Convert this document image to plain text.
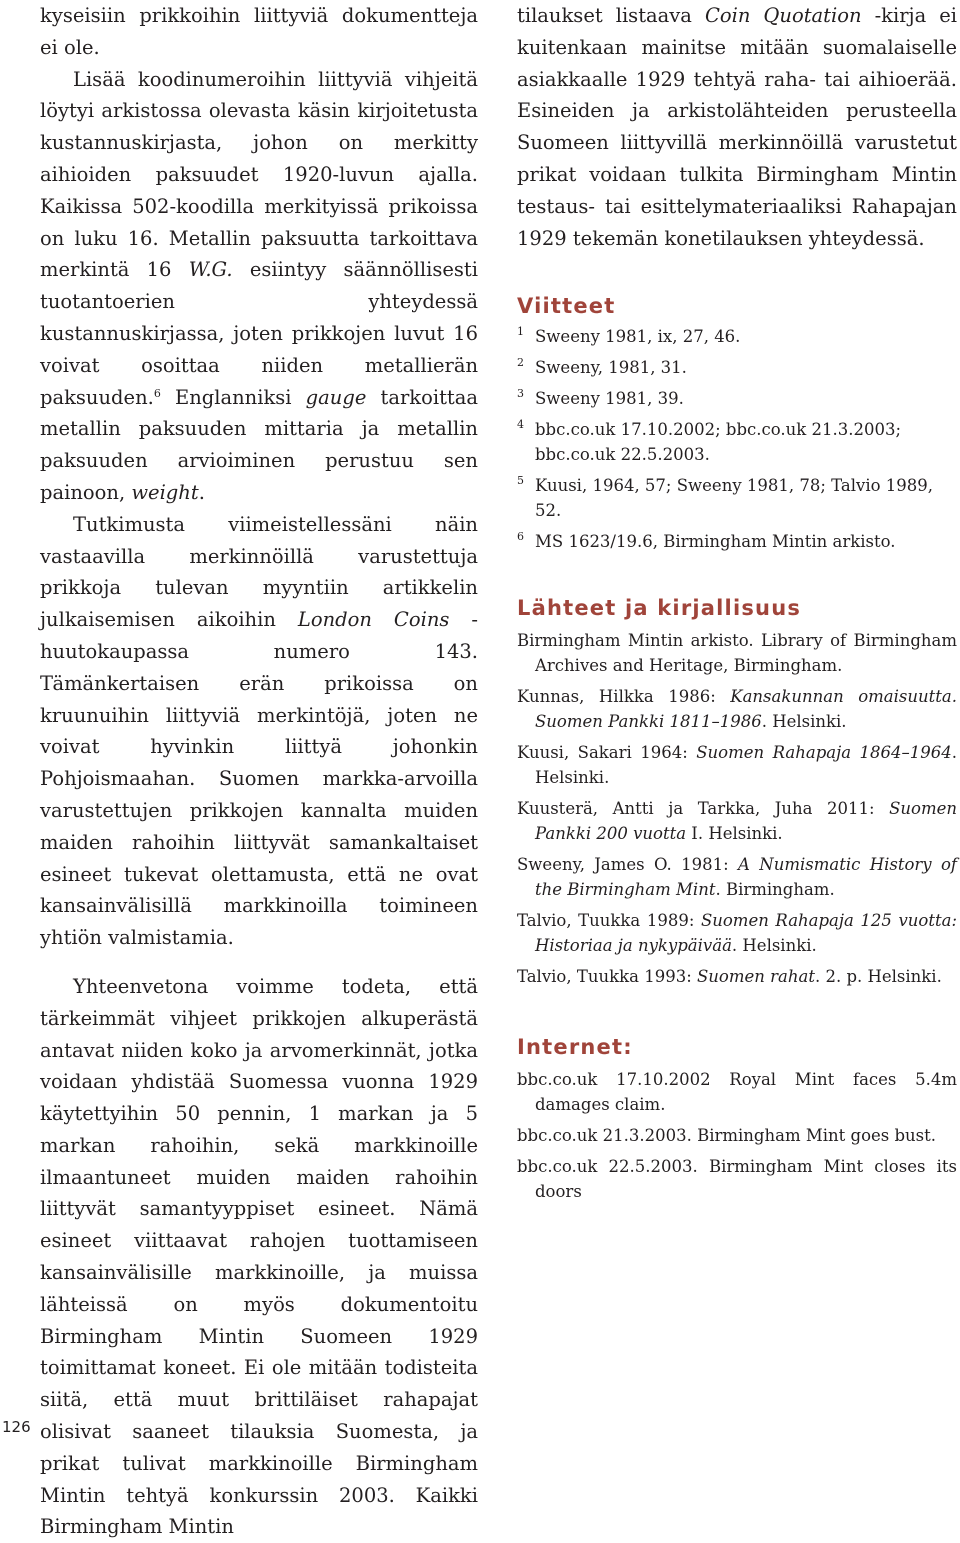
kyseisiin prikkoihin liittyviä dokumentteja ei ole.

Lisää koodinumeroihin liittyviä vihjeitä löytyi arkistossa olevasta käsin kirjoitetusta kustannuskirjasta, johon on merkitty aihioiden paksuudet 1920-luvun ajalla. Kaikissa 502-koodilla merkityissä prikoissa on luku 16. Metallin paksuutta tarkoittava merkintä 16 W.G. esiintyy säännöllisesti tuotantoerien yhteydessä kustannuskirjassa, joten prikkojen luvut 16 voivat osoittaa niiden metallierän paksuuden.$^6$ Englanniksi gauge tarkoittaa metallin paksuuden mittaria ja metallin paksuuden arvioiminen perustuu sen painoon, weight.

Tutkimusta viimeistellessäni näin vastaavilla merkinnöillä varustettuja prikkoja tulevan myyntiin artikkelin julkaisemisen aikoihin London Coins -huutokaupassa numero 143. Tämänkertaisen erän prikoissa on kruunuihin liittyviä merkintöjä, joten ne voivat hyvinkin liittyä johonkin Pohjoismaahan. Suomen markka-arvoilla varustettujen prikkojen kannalta muiden maiden rahoihin liittyvät samankaltaiset esineet tukevat olettamusta, että ne ovat kansainvälisillä markkinoilla toimineen yhtiön valmistamia.

Yhteenvetona voimme todeta, että tärkeimmät vihjeet prikkojen alkuperästä antavat niiden koko ja arvomerkinnät, jotka voidaan yhdistää Suomessa vuonna 1929 käytettyihin 50 pennin, 1 markan ja 5 markan rahoihin, sekä markkinoille ilmaantuneet muiden maiden rahoihin liittyvät samantyyppiset esineet. Nämä esineet viittaavat rahojen tuottamiseen kansainvälisille markkinoille, ja muissa lähteissä on myös dokumentoitu Birmingham Mintin Suomeen 1929 toimittamat koneet. Ei ole mitään todisteita siitä, että muut brittiläiset rahapajat olisivat saaneet tilauksia Suomesta, ja prikat tulivat markkinoille Birmingham Mintin tehtyä konkurssin 2003. Kaikki Birmingham Mintin

tilaukset listaava Coin Quotation -kirja ei kuitenkaan mainitse mitään suomalaiselle asiakkaalle 1929 tehtyä raha- tai aihioerää. Esineiden ja arkistolähteiden perusteella Suomeen liittyvillä merkinnöillä varustetut prikat voidaan tulkita Birmingham Mintin testaus- tai esittelymateriaaliksi Rahapajan 1929 tekemän konetilauksen yhteydessä.

Viitteet
1 Sweeny 1981, ix, 27, 46.
2 Sweeny, 1981, 31.
3 Sweeny 1981, 39.
4 bbc.co.uk 17.10.2002; bbc.co.uk 21.3.2003; bbc.co.uk 22.5.2003.
5 Kuusi, 1964, 57; Sweeny 1981, 78; Talvio 1989, 52.
6 MS 1623/19.6, Birmingham Mintin arkisto.
Lähteet ja kirjallisuus
Birmingham Mintin arkisto. Library of Birmingham Archives and Heritage, Birmingham.
Kunnas, Hilkka 1986: Kansakunnan omaisuutta. Suomen Pankki 1811–1986. Helsinki.
Kuusi, Sakari 1964: Suomen Rahapaja 1864–1964. Helsinki.
Kuusterä, Antti ja Tarkka, Juha 2011: Suomen Pankki 200 vuotta I. Helsinki.
Sweeny, James O. 1981: A Numismatic History of the Birmingham Mint. Birmingham.
Talvio, Tuukka 1989: Suomen Rahapaja 125 vuotta: Historiaa ja nykypäivää. Helsinki.
Talvio, Tuukka 1993: Suomen rahat. 2. p. Helsinki.
Internet:
bbc.co.uk 17.10.2002 Royal Mint faces 5.4m damages claim.
bbc.co.uk 21.3.2003. Birmingham Mint goes bust.
bbc.co.uk 22.5.2003. Birmingham Mint closes its doors
126
